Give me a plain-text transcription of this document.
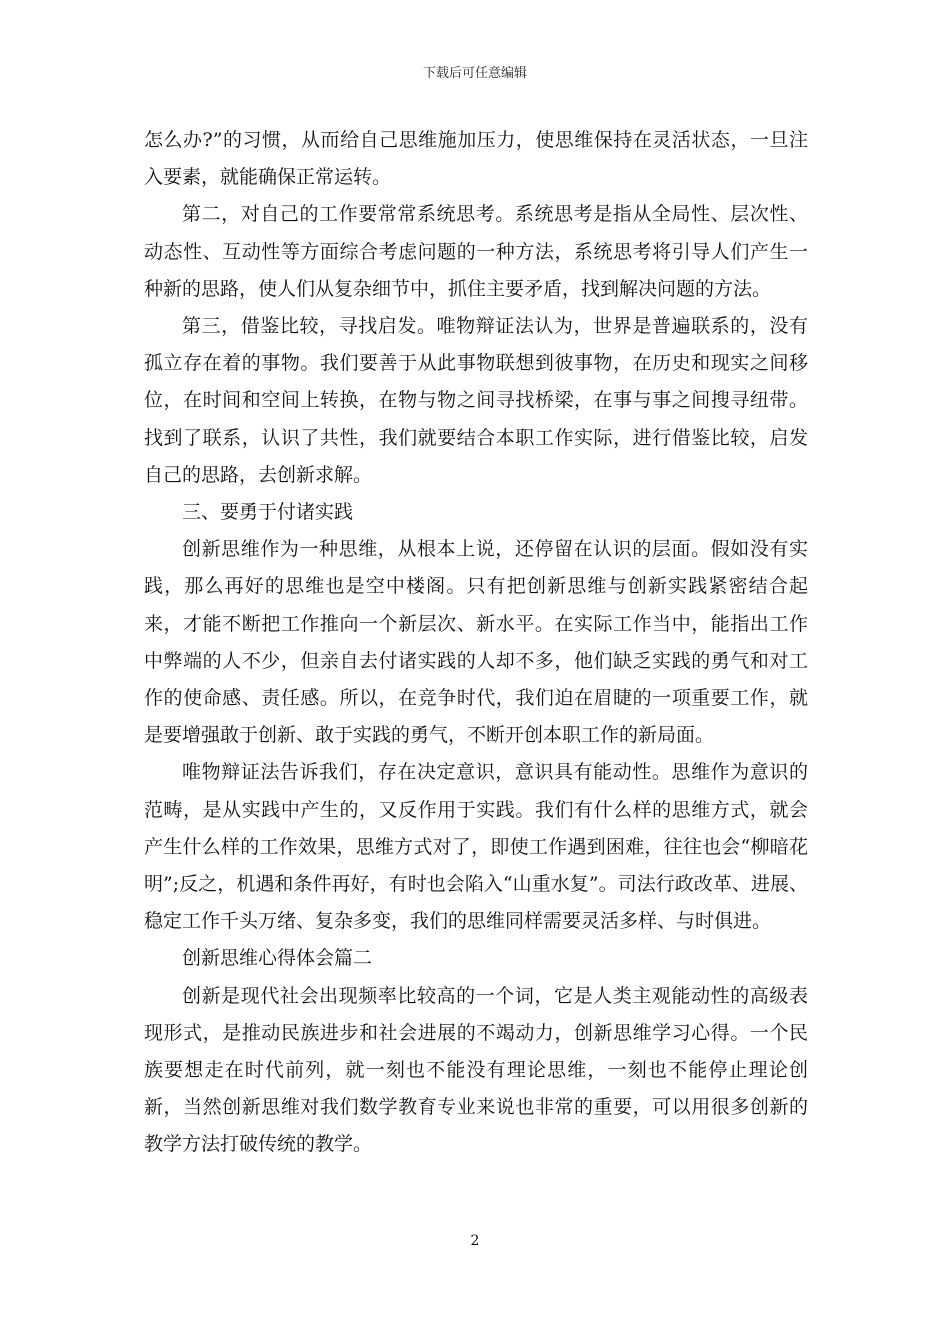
下载后可任意编辑

怎么办?”的习惯，从而给自己思维施加压力，使思维保持在灵活状态，一旦注入要素，就能确保正常运转。

第二，对自己的工作要常常系统思考。系统思考是指从全局性、层次性、动态性、互动性等方面综合考虑问题的一种方法，系统思考将引导人们产生一种新的思路，使人们从复杂细节中，抓住主要矛盾，找到解决问题的方法。

第三，借鉴比较，寻找启发。唯物辩证法认为，世界是普遍联系的，没有孤立存在着的事物。我们要善于从此事物联想到彼事物，在历史和现实之间移位，在时间和空间上转换，在物与物之间寻找桥梁，在事与事之间搜寻纽带。找到了联系，认识了共性，我们就要结合本职工作实际，进行借鉴比较，启发自己的思路，去创新求解。

三、要勇于付诸实践

创新思维作为一种思维，从根本上说，还停留在认识的层面。假如没有实践，那么再好的思维也是空中楼阁。只有把创新思维与创新实践紧密结合起来，才能不断把工作推向一个新层次、新水平。在实际工作当中，能指出工作中弊端的人不少，但亲自去付诸实践的人却不多，他们缺乏实践的勇气和对工作的使命感、责任感。所以，在竞争时代，我们迫在眉睫的一项重要工作，就是要增强敢于创新、敢于实践的勇气，不断开创本职工作的新局面。

唯物辩证法告诉我们，存在决定意识，意识具有能动性。思维作为意识的范畴，是从实践中产生的，又反作用于实践。我们有什么样的思维方式，就会产生什么样的工作效果，思维方式对了，即使工作遇到困难，往往也会“柳暗花明”;反之，机遇和条件再好，有时也会陷入“山重水复”。司法行政改革、进展、稳定工作千头万绪、复杂多变，我们的思维同样需要灵活多样、与时俱进。

创新思维心得体会篇二

创新是现代社会出现频率比较高的一个词，它是人类主观能动性的高级表现形式，是推动民族进步和社会进展的不竭动力，创新思维学习心得。一个民族要想走在时代前列，就一刻也不能没有理论思维，一刻也不能停止理论创新，当然创新思维对我们数学教育专业来说也非常的重要，可以用很多创新的教学方法打破传统的教学。

2
